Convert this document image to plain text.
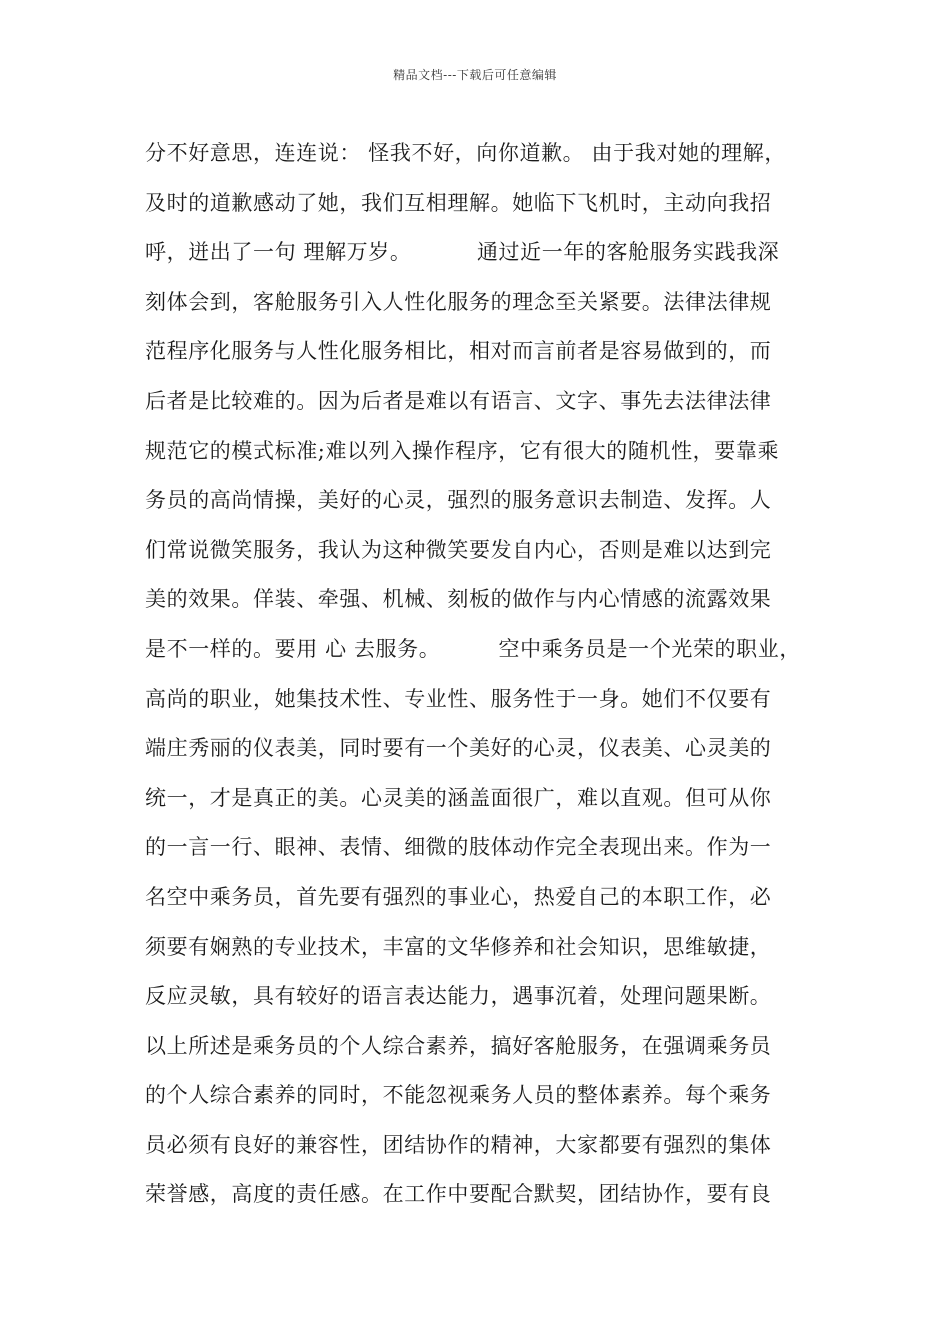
精品文档---下载后可任意编辑
分不好意思，连连说： 怪我不好，向你道歉。 由于我对她的理解，
及时的道歉感动了她，我们互相理解。她临下飞机时，主动向我招
呼，迸出了一句 理解万岁。         通过近一年的客舱服务实践我深
刻体会到，客舱服务引入人性化服务的理念至关紧要。法律法律规
范程序化服务与人性化服务相比，相对而言前者是容易做到的，而
后者是比较难的。因为后者是难以有语言、文字、事先去法律法律
规范它的模式标准;难以列入操作程序，它有很大的随机性，要靠乘
务员的高尚情操，美好的心灵，强烈的服务意识去制造、发挥。人
们常说微笑服务，我认为这种微笑要发自内心，否则是难以达到完
美的效果。佯装、牵强、机械、刻板的做作与内心情感的流露效果
是不一样的。要用 心 去服务。        空中乘务员是一个光荣的职业，
高尚的职业，她集技术性、专业性、服务性于一身。她们不仅要有
端庄秀丽的仪表美，同时要有一个美好的心灵，仪表美、心灵美的
统一，才是真正的美。心灵美的涵盖面很广，难以直观。但可从你
的一言一行、眼神、表情、细微的肢体动作完全表现出来。作为一
名空中乘务员，首先要有强烈的事业心，热爱自己的本职工作，必
须要有娴熟的专业技术，丰富的文华修养和社会知识，思维敏捷，
反应灵敏，具有较好的语言表达能力，遇事沉着，处理问题果断。
以上所述是乘务员的个人综合素养，搞好客舱服务，在强调乘务员
的个人综合素养的同时，不能忽视乘务人员的整体素养。每个乘务
员必须有良好的兼容性，团结协作的精神，大家都要有强烈的集体
荣誉感，高度的责任感。在工作中要配合默契，团结协作，要有良
